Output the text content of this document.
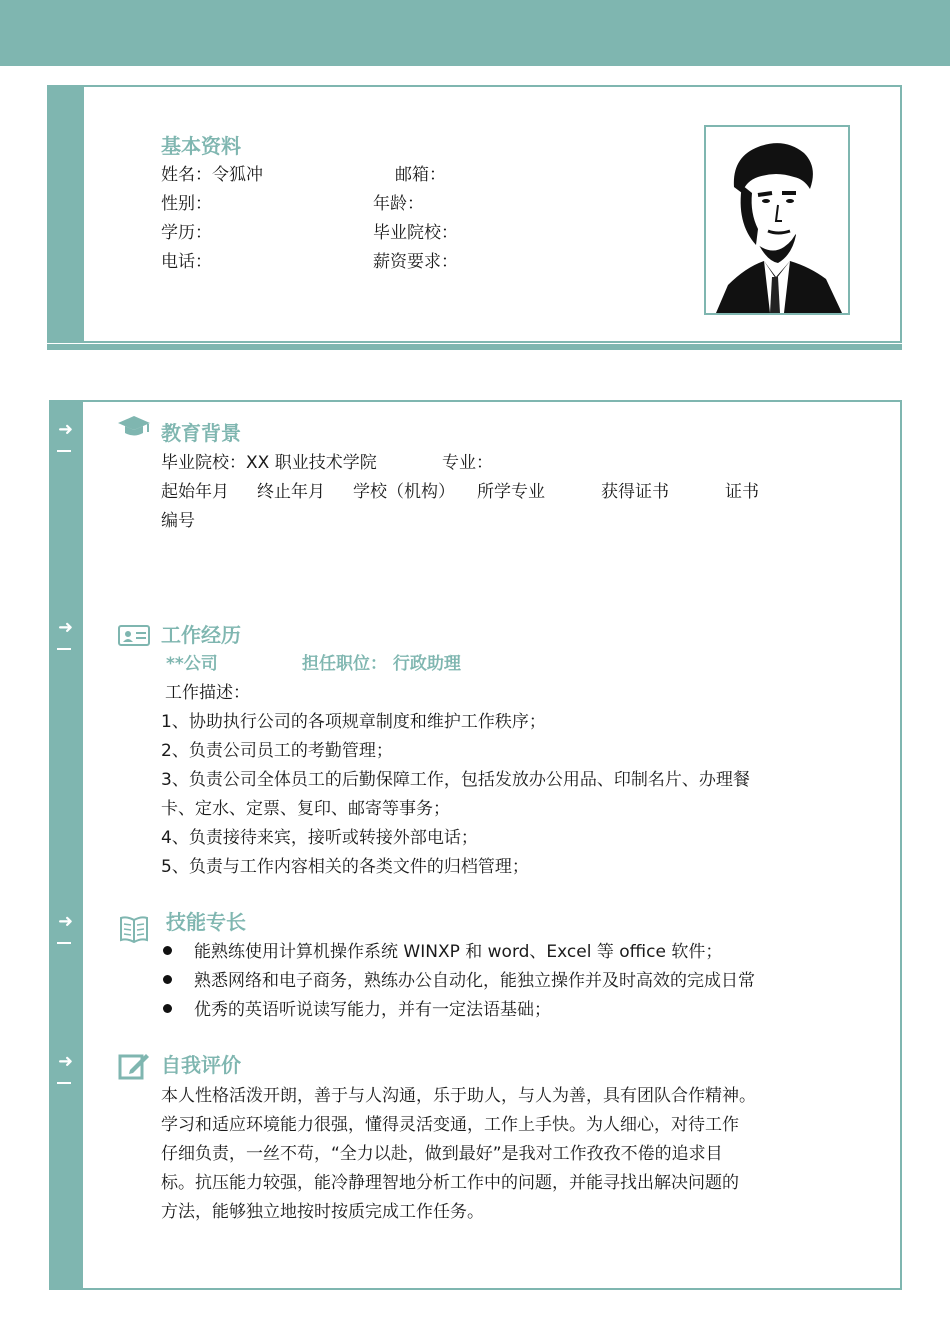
基本资料
姓名：令狐冲	邮箱：
性别：	年龄：
学历：	毕业院校：
电话：	薪资要求：
➜
➜
➜
➜
教育背景
毕业院校：XX 职业技术学院	专业：
起始年月 终止年月 学校（机构） 所学专业	获得证书	证书
编号
工作经历
**公司	担任职位： 行政助理
工作描述：
1、协助执行公司的各项规章制度和维护工作秩序；
2、负责公司员工的考勤管理；
3、负责公司全体员工的后勤保障工作，包括发放办公用品、印制名片、办理餐
卡、定水、定票、复印、邮寄等事务；
4、负责接待来宾，接听或转接外部电话；
5、负责与工作内容相关的各类文件的归档管理；
技能专长
能熟练使用计算机操作系统 WINXP 和 word、Excel 等 office 软件；
熟悉网络和电子商务，熟练办公自动化，能独立操作并及时高效的完成日常
优秀的英语听说读写能力，并有一定法语基础；
自我评价
本人性格活泼开朗，善于与人沟通，乐于助人，与人为善，具有团队合作精神。
学习和适应环境能力很强，懂得灵活变通，工作上手快。为人细心，对待工作
仔细负责，一丝不苟，“全力以赴，做到最好”是我对工作孜孜不倦的追求目
标。抗压能力较强，能冷静理智地分析工作中的问题，并能寻找出解决问题的
方法，能够独立地按时按质完成工作任务。
